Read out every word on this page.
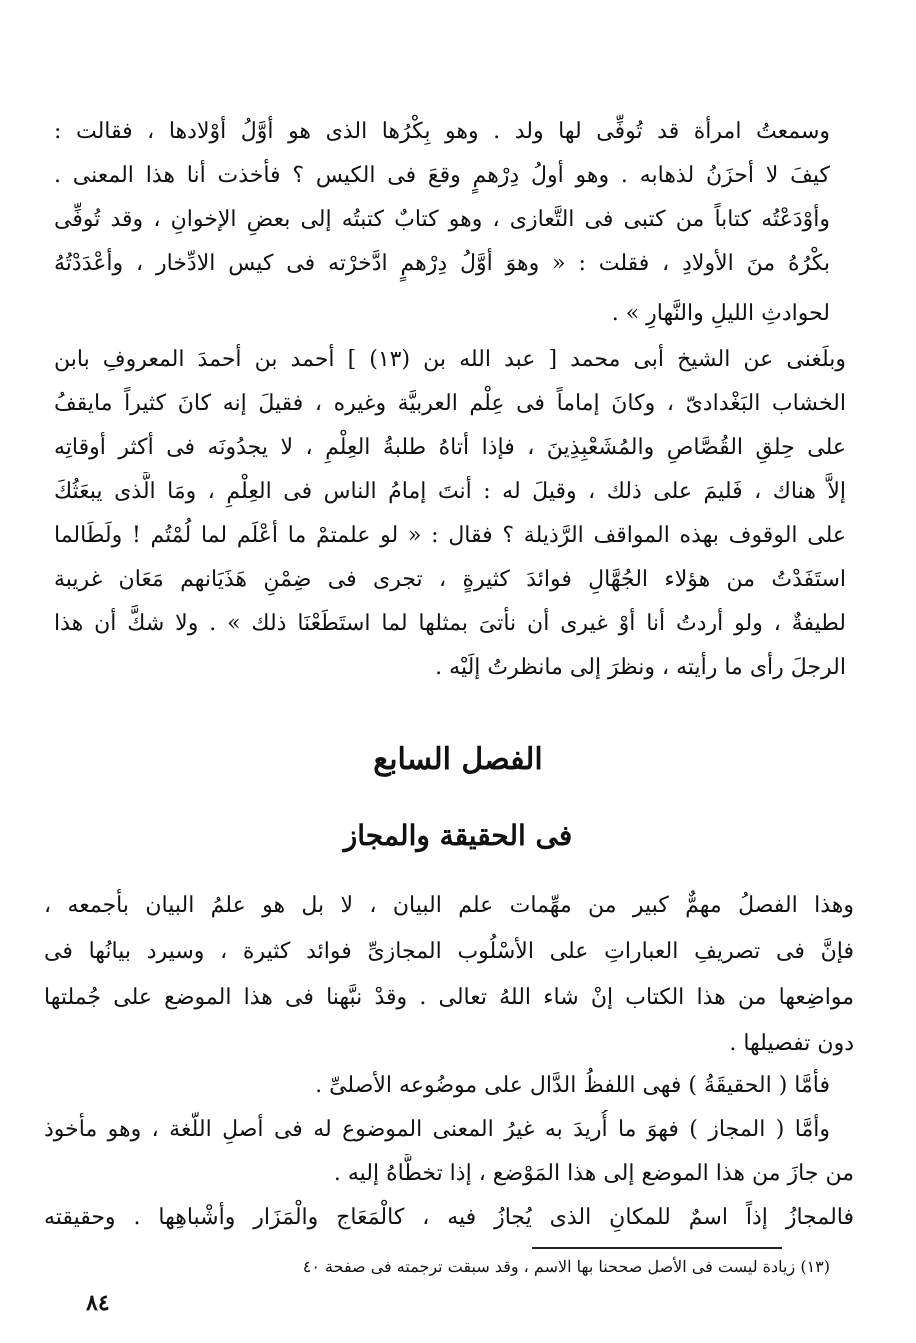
وسمعتُ امرأة قد تُوفِّى لها ولد . وهو بِكْرُها الذى هو أوَّلُ أوْلادها ، فقالت :
كيفَ لا أحزَنُ لذهابه . وهو أولُ دِرْهمٍ وقعَ فى الكيس ؟ فأخذت أنا هذا المعنى .
وأوْدَعْتُه كتاباً من كتبى فى التَّعازى ، وهو كتابٌ كتبتُه إلى بعضِ الإخوانِ ، وقد تُوفِّى
بكْرُهُ منَ الأولادِ ، فقلت : « وهوَ أوَّلُ دِرْهمٍ ادَّخرْته فى كيس الادِّخار ، وأعْدَدْتُهُ
لحوادثِ الليلِ والنَّهارِ » .
وبلَغنى عن الشيخ أبى محمد [ عبد الله بن (١٣) ] أحمد بن أحمدَ المعروفِ بابن
الخشاب البَغْدادىّ ، وكانَ إماماً فى عِلْم العربيَّة وغيره ، فقيلَ إنه كانَ كثيراً مايقفُ
على حِلقِ القُصَّاصِ والمُشَعْبِذِينَ ، فإذا أتاهُ طلبةُ العِلْمِ ، لا يجدُونَه فى أكثر أوقاتِه
إلاَّ هناك ، فَليمَ على ذلك ، وقيلَ له : أنتَ إمامُ الناس فى العِلْمِ ، ومَا الَّذى يبعَثُكَ
على الوقوف بهذه المواقف الرَّذيلة ؟ فقال : « لو علمتمْ ما أعْلَم لما لُمْتُم ! ولَطَالما
استَفَدْتُ من هؤلاء الجُهَّالِ فوائدَ كثيرةٍ ، تجرى فى ضِمْنِ هَذَيَانهم مَعَان غريبة
لطيفةٌ ، ولو أردتُ أنا أوْ غيرى أن نأتىَ بمثلها لما استَطَعْنَا ذلك » . ولا شكَّ أن هذا
الرجلَ رأى ما رأيته ، ونظرَ إلى مانظرتُ إلَيْه .
الفصل السابع
فى الحقيقة والمجاز
وهذا الفصلُ مهمٌّ كبير من مهِّمات علم البيان ، لا بل هو علمُ البيان بأجمعه ،
فإنَّ فى تصريفِ العباراتِ على الأسْلُوب المجازىِّ فوائد كثيرة ، وسيرد بيانُها فى
مواضِعها من هذا الكتاب إنْ شاء اللهُ تعالى . وقدْ نبَّهنا فى هذا الموضع على جُملتها
دون تفصيلها .
فأمَّا ( الحقيقَةُ ) فهى اللفظُ الدَّال على موضُوعه الأصلىِّ .
وأمَّا ( المجاز ) فهوَ ما أُريدَ به غيرُ المعنى الموضوع له فى أصلِ اللّغة ، وهو مأخوذ
من جازَ من هذا الموضع إلى هذا المَوْضع ، إذا تخطَّاهُ إليه .
فالمجازُ إذاً اسمٌ للمكانِ الذى يُجازُ فيه ، كالْمَعَاج والْمَزَار وأشْباهِها . وحقيقته
(١٣) زيادة ليست فى الأصل صححنا بها الاسم ، وقد سبقت ترجمته فى صفحة ٤٠
٨٤
